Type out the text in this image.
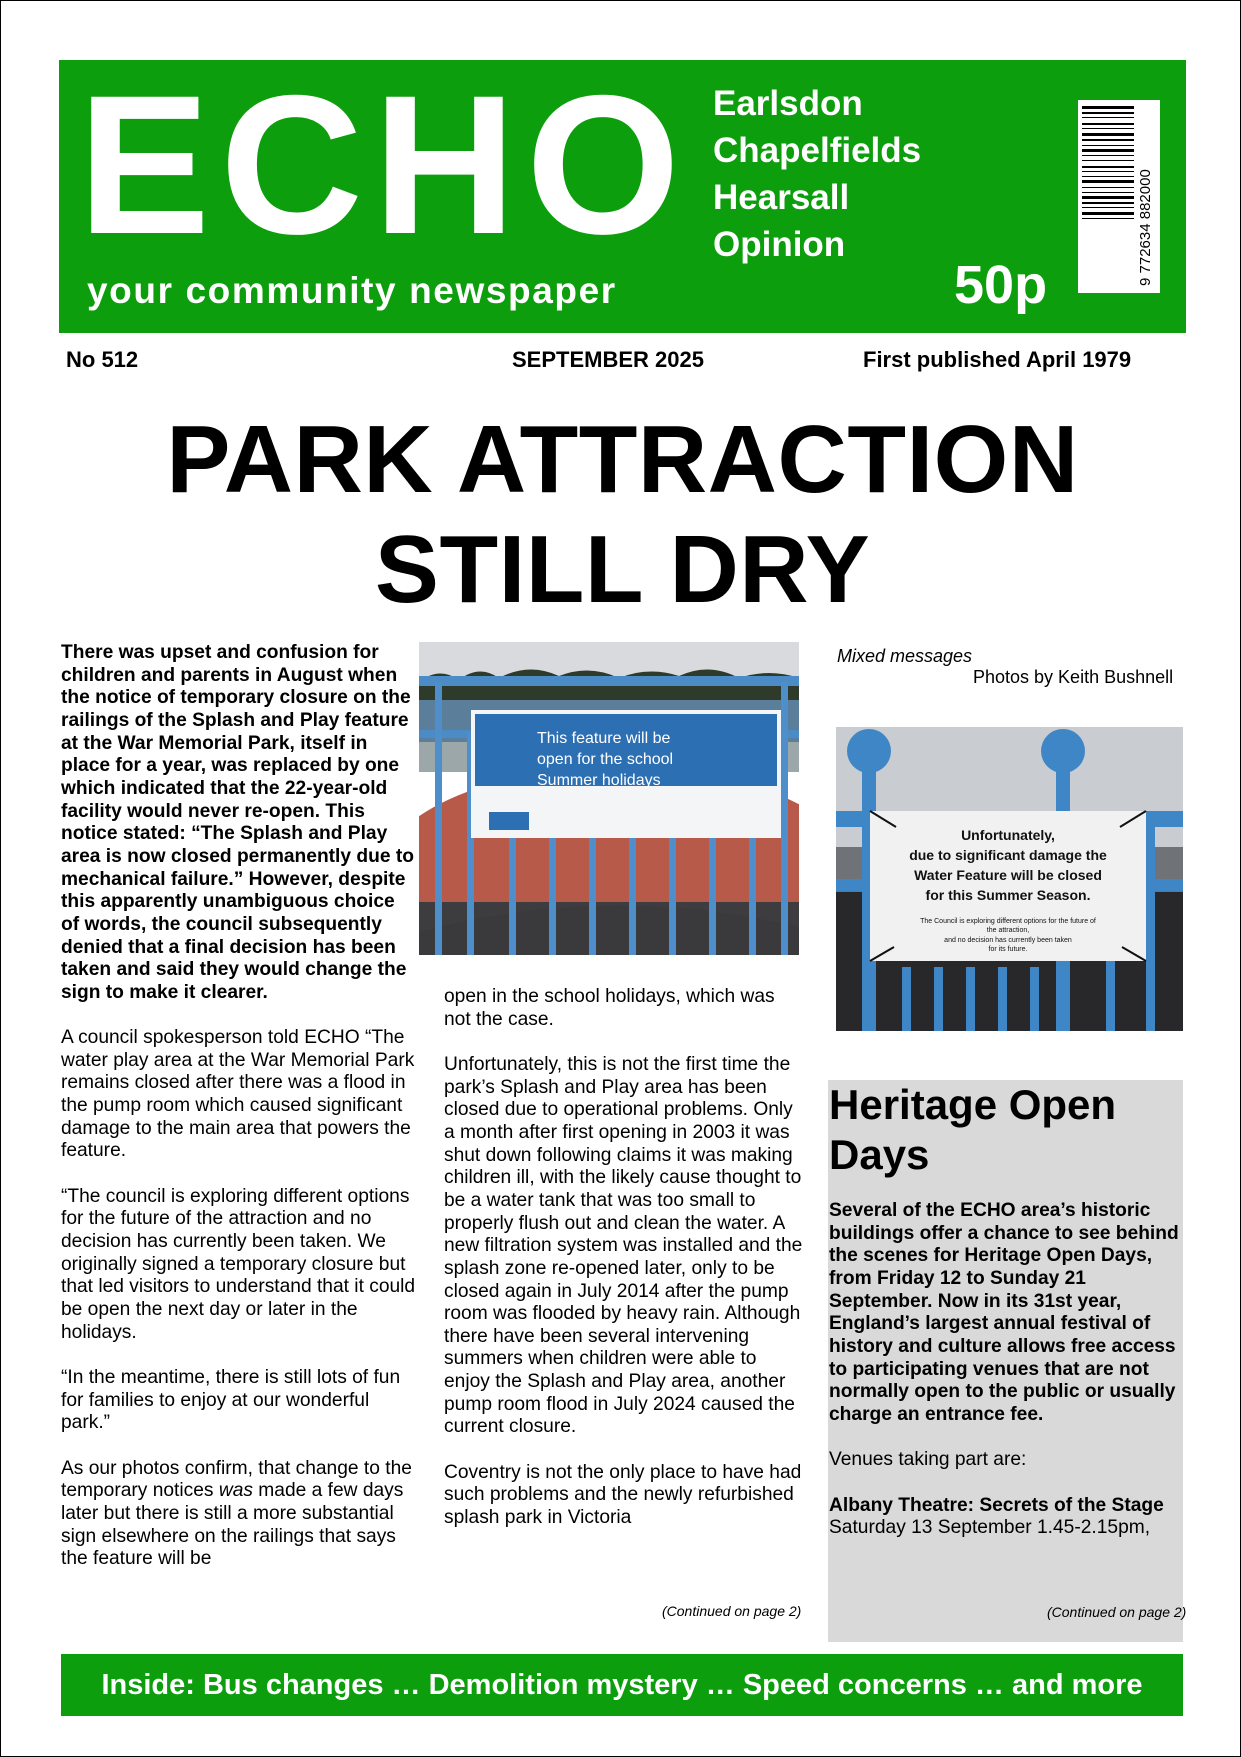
ECHO
your community newspaper
Earlsdon
Chapelfields
Hearsall
Opinion
50p	9 772634 882000
No 512	SEPTEMBER 2025	First published April 1979
PARK ATTRACTION
STILL DRY

There was upset and confusion for children and parents in August when the notice of temporary closure on the railings of the Splash and Play feature at the War Memorial Park, itself in place for a year, was replaced by one which indicated that the 22-year-old facility would never re-open. This notice stated: “The Splash and Play area is now closed permanently due to mechanical failure.” However, despite this apparently unambiguous choice of words, the council subsequently denied that a final decision has been taken and said they would change the sign to make it clearer.

A council spokesperson told ECHO “The water play area at the War Memorial Park remains closed after there was a flood in the pump room which caused significant damage to the main area that powers the feature.

“The council is exploring different options for the future of the attraction and no decision has currently been taken. We originally signed a temporary closure but that led visitors to understand that it could be open the next day or later in the holidays.

“In the meantime, there is still lots of fun for families to enjoy at our wonderful park.”

As our photos confirm, that change to the temporary notices was made a few days later but there is still a more substantial sign elsewhere on the railings that says the feature will be

This feature will be
open for the school
Summer holidays

open in the school holidays, which was not the case.

Unfortunately, this is not the first time the park’s Splash and Play area has been closed due to operational problems. Only a month after first opening in 2003 it was shut down following claims it was making children ill, with the likely cause thought to be a water tank that was too small to properly flush out and clean the water. A new filtration system was installed and the splash zone re-opened later, only to be closed again in July 2014 after the pump room was flooded by heavy rain. Although there have been several intervening summers when children were able to enjoy the Splash and Play area, another pump room flood in July 2024 caused the current closure.

Coventry is not the only place to have had such problems and the newly refurbished splash park in Victoria

(Continued on page 2)
Mixed messages
Photos by Keith Bushnell
Unfortunately,
due to significant damage the
Water Feature will be closed
for this Summer Season.
The Council is exploring different options for the future of
the attraction,
and no decision has currently been taken
for its future.
Heritage Open Days

Several of the ECHO area’s historic buildings offer a chance to see behind the scenes for Heritage Open Days, from Friday 12 to Sunday 21 September. Now in its 31st year, England’s largest annual festival of history and culture allows free access to participating venues that are not normally open to the public or usually charge an entrance fee.

Venues taking part are:

Albany Theatre: Secrets of the Stage

Saturday 13 September 1.45-2.15pm,

(Continued on page 2)
Inside: Bus changes … Demolition mystery … Speed concerns … and more
